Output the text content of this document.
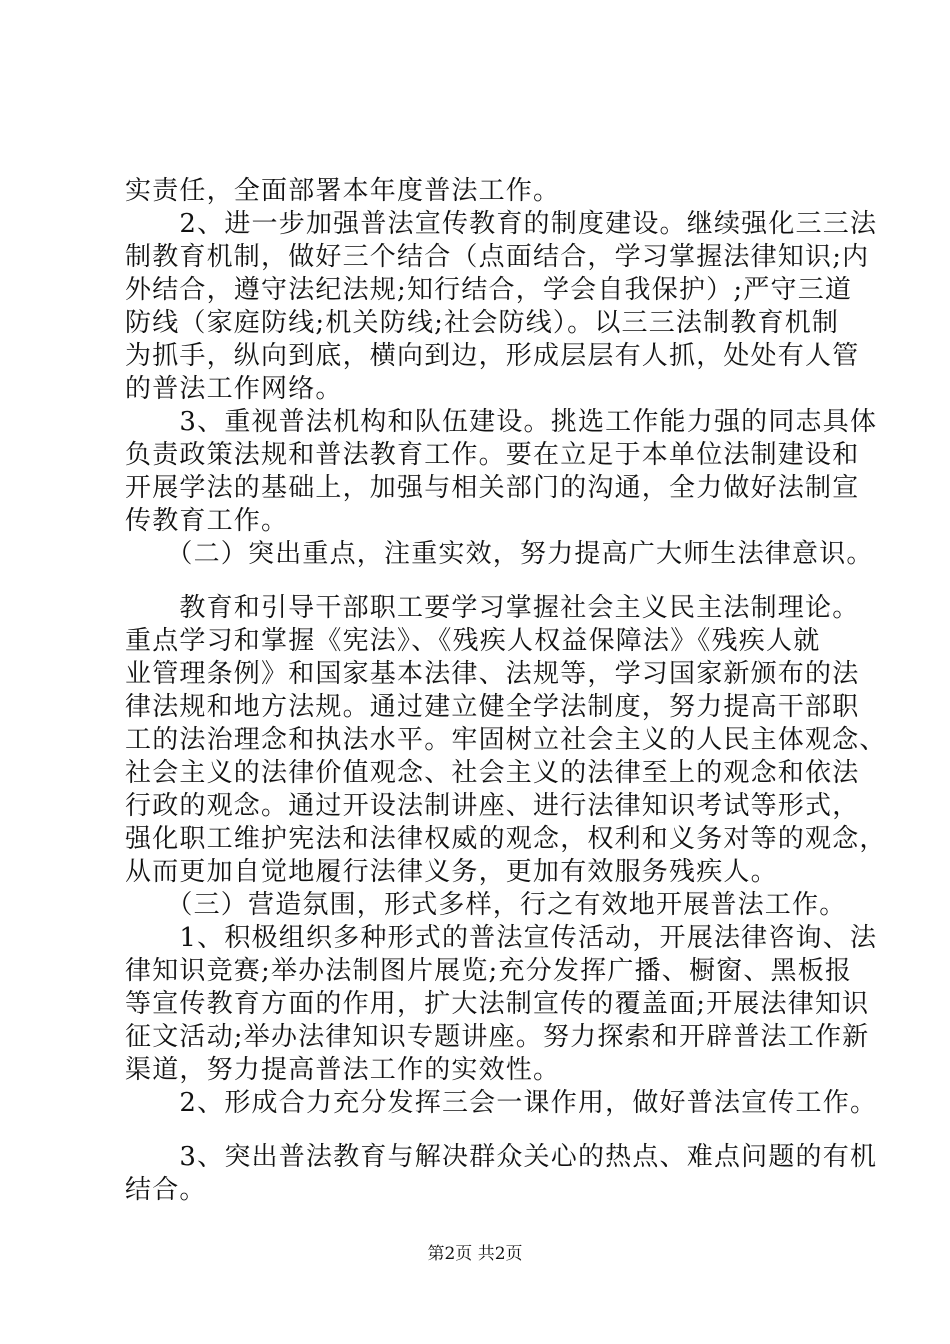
实责任，全面部署本年度普法工作。
　　2、进一步加强普法宣传教育的制度建设。继续强化三三法
制教育机制，做好三个结合（点面结合，学习掌握法律知识;内
外结合，遵守法纪法规;知行结合，学会自我保护）;严守三道
防线（家庭防线;机关防线;社会防线）。以三三法制教育机制
为抓手，纵向到底，横向到边，形成层层有人抓，处处有人管
的普法工作网络。
　　3、重视普法机构和队伍建设。挑选工作能力强的同志具体
负责政策法规和普法教育工作。要在立足于本单位法制建设和
开展学法的基础上，加强与相关部门的沟通，全力做好法制宣
传教育工作。
　　（二）突出重点，注重实效，努力提高广大师生法律意识。
　　教育和引导干部职工要学习掌握社会主义民主法制理论。
重点学习和掌握《宪法》、《残疾人权益保障法》《残疾人就
业管理条例》和国家基本法律、法规等，学习国家新颁布的法
律法规和地方法规。通过建立健全学法制度，努力提高干部职
工的法治理念和执法水平。牢固树立社会主义的人民主体观念、
社会主义的法律价值观念、社会主义的法律至上的观念和依法
行政的观念。通过开设法制讲座、进行法律知识考试等形式，
强化职工维护宪法和法律权威的观念，权利和义务对等的观念，
从而更加自觉地履行法律义务，更加有效服务残疾人。
　　（三）营造氛围，形式多样，行之有效地开展普法工作。
　　1、积极组织多种形式的普法宣传活动，开展法律咨询、法
律知识竞赛;举办法制图片展览;充分发挥广播、橱窗、黑板报
等宣传教育方面的作用，扩大法制宣传的覆盖面;开展法律知识
征文活动;举办法律知识专题讲座。努力探索和开辟普法工作新
渠道，努力提高普法工作的实效性。
　　2、形成合力充分发挥三会一课作用，做好普法宣传工作。
　　3、突出普法教育与解决群众关心的热点、难点问题的有机
结合。
第2页 共2页
